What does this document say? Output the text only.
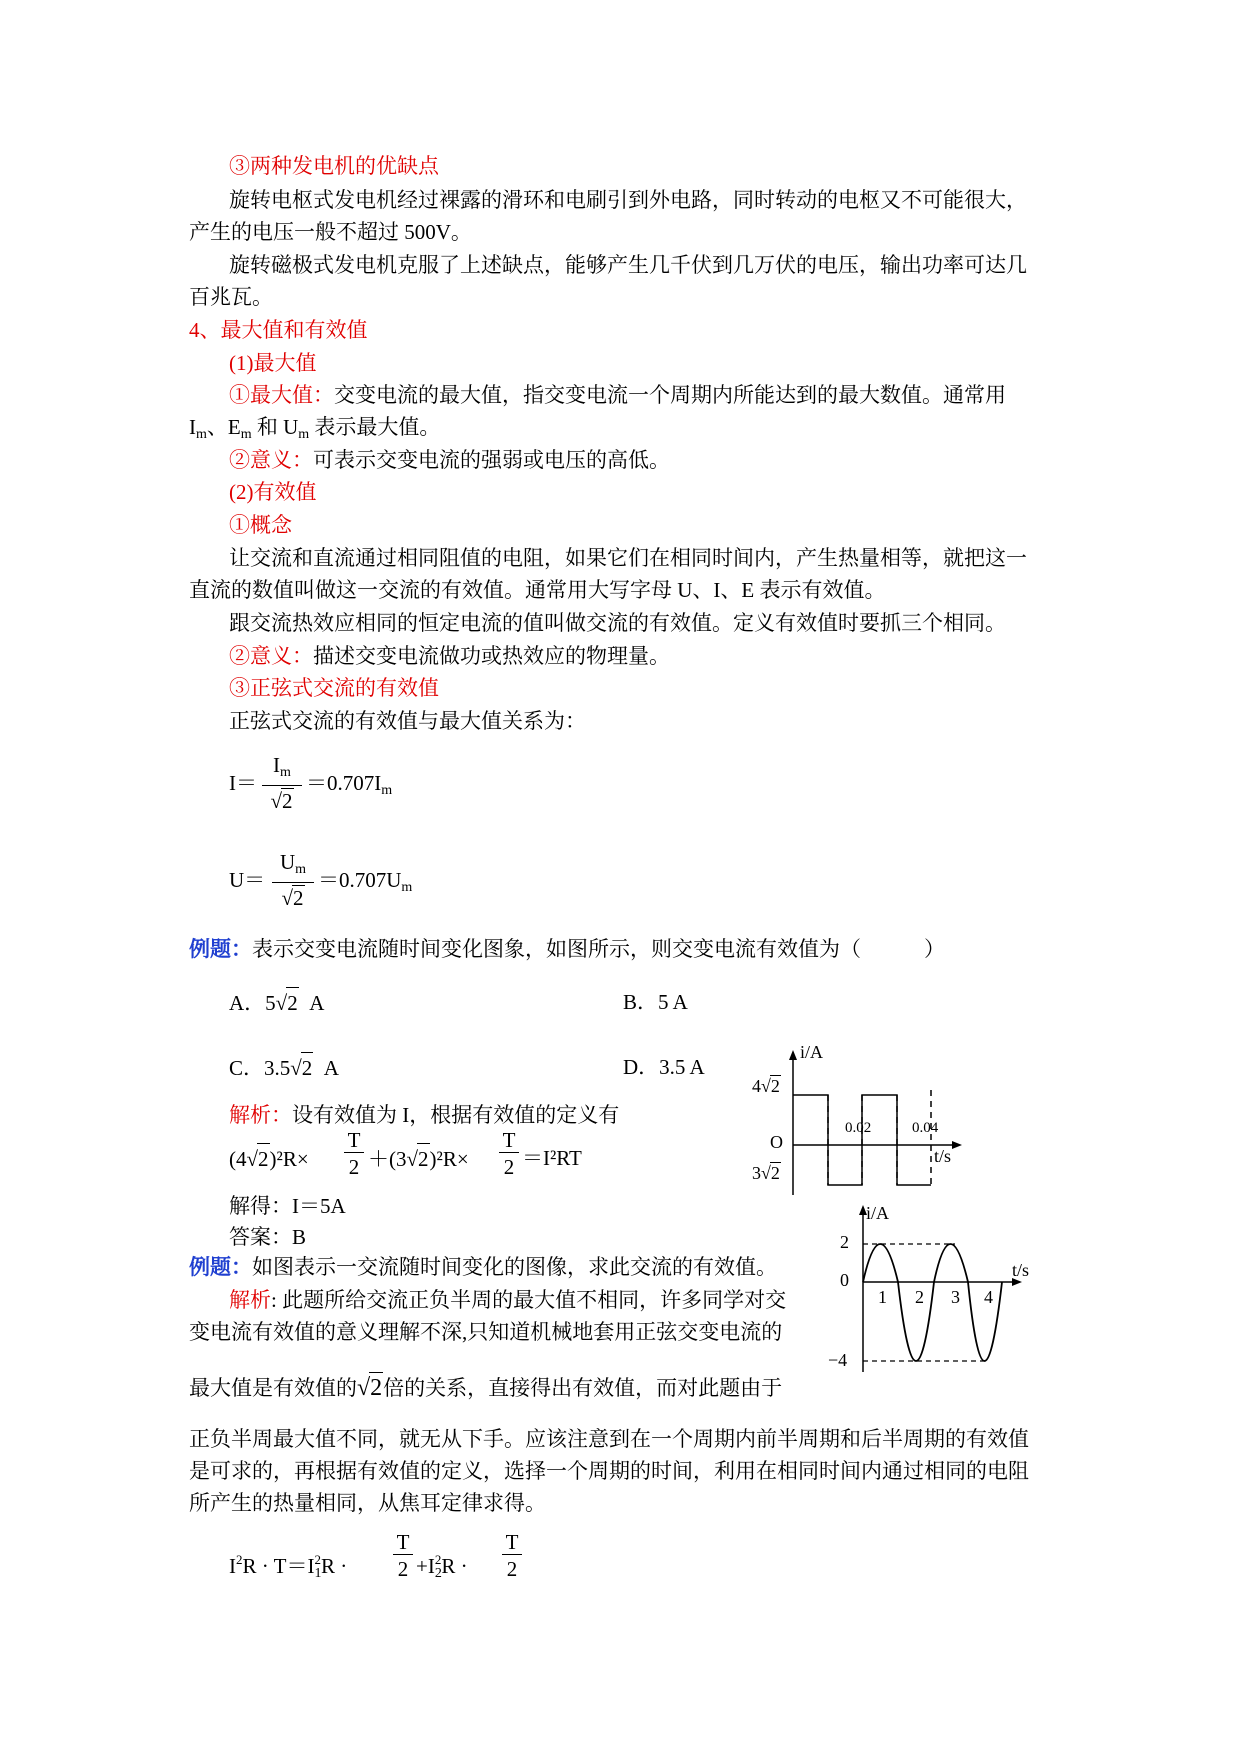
③两种发电机的优缺点
旋转电枢式发电机经过裸露的滑环和电刷引到外电路，同时转动的电枢又不可能很大，
产生的电压一般不超过 500V。
旋转磁极式发电机克服了上述缺点，能够产生几千伏到几万伏的电压，输出功率可达几
百兆瓦。
4、最大值和有效值
(1)最大值
①最大值：交变电流的最大值，指交变电流一个周期内所能达到的最大数值。通常用
$I_m$、$E_m$ 和 $U_m$ 表示最大值。
②意义：可表示交变电流的强弱或电压的高低。
(2)有效值
①概念
让交流和直流通过相同阻值的电阻，如果它们在相同时间内，产生热量相等，就把这一
直流的数值叫做这一交流的有效值。通常用大写字母 U、I、E 表示有效值。
跟交流热效应相同的恒定电流的值叫做交流的有效值。定义有效值时要抓三个相同。
②意义：描述交变电流做功或热效应的物理量。
③正弦式交流的有效值
正弦式交流的有效值与最大值关系为：
I＝
$I_m$
√2
$=0.707I_m$
U＝
$U_m$
√2
$=0.707U_m$
例题：表示交变电流随时间变化图象，如图所示，则交变电流有效值为（　　　）
A．5√2 A	B．5 A
C．3.5√2 A	D．3.5 A
解析：设有效值为 I，根据有效值的定义有
(4√2)²R×
T
2 ＋(3√2)²R×
T
2 ＝I²RT
解得：I＝5A
答案：B
i/A
4√2
O
0.02	0.04
t/s
3√2
例题：如图表示一交流随时间变化的图像，求此交流的有效值。
解析: 此题所给交流正负半周的最大值不相同，许多同学对交
变电流有效值的意义理解不深,只知道机械地套用正弦交变电流的
最大值是有效值的√2倍的关系，直接得出有效值，而对此题由于
正负半周最大值不同，就无从下手。应该注意到在一个周期内前半周期和后半周期的有效值
是可求的，再根据有效值的定义，选择一个周期的时间，利用在相同时间内通过相同的电阻
所产生的热量相同，从焦耳定律求得。
i/A
2
0	t/s
1 2 3 4
−4
$I^2R \cdot T=I_1^2R$ ·
T
$2 +I_2^2R$ ·
T
2
